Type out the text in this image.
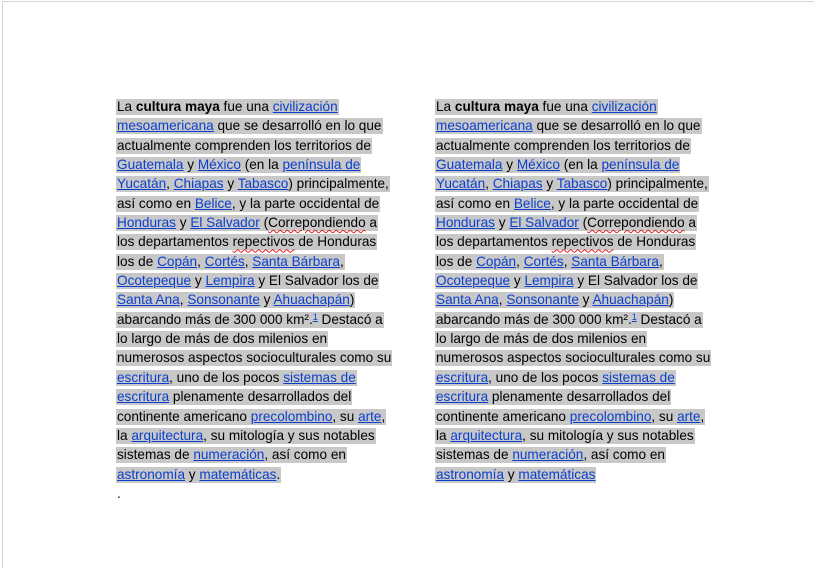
La cultura maya fue una civilización
mesoamericana que se desarrolló en lo que
actualmente comprenden los territorios de
Guatemala y México (en la península de
Yucatán, Chiapas y Tabasco) principalmente,
así como en Belice, y la parte occidental de
Honduras y El Salvador (Correpondiendo a
los departamentos repectivos de Honduras
los de Copán, Cortés, Santa Bárbara,
Ocotepeque y Lempira y El Salvador los de
Santa Ana, Sonsonante y Ahuachapán)
abarcando más de 300 000 km².$^1$ Destacó a
lo largo de más de dos milenios en
numerosos aspectos socioculturales como su
escritura, uno de los pocos sistemas de
escritura plenamente desarrollados del
continente americano precolombino, su arte,
la arquitectura, su mitología y sus notables
sistemas de numeración, así como en
astronomía y matemáticas.
.
La cultura maya fue una civilización
mesoamericana que se desarrolló en lo que
actualmente comprenden los territorios de
Guatemala y México (en la península de
Yucatán, Chiapas y Tabasco) principalmente,
así como en Belice, y la parte occidental de
Honduras y El Salvador (Correpondiendo a
los departamentos repectivos de Honduras
los de Copán, Cortés, Santa Bárbara,
Ocotepeque y Lempira y El Salvador los de
Santa Ana, Sonsonante y Ahuachapán)
abarcando más de 300 000 km².$^1$ Destacó a
lo largo de más de dos milenios en
numerosos aspectos socioculturales como su
escritura, uno de los pocos sistemas de
escritura plenamente desarrollados del
continente americano precolombino, su arte,
la arquitectura, su mitología y sus notables
sistemas de numeración, así como en
astronomía y matemáticas
